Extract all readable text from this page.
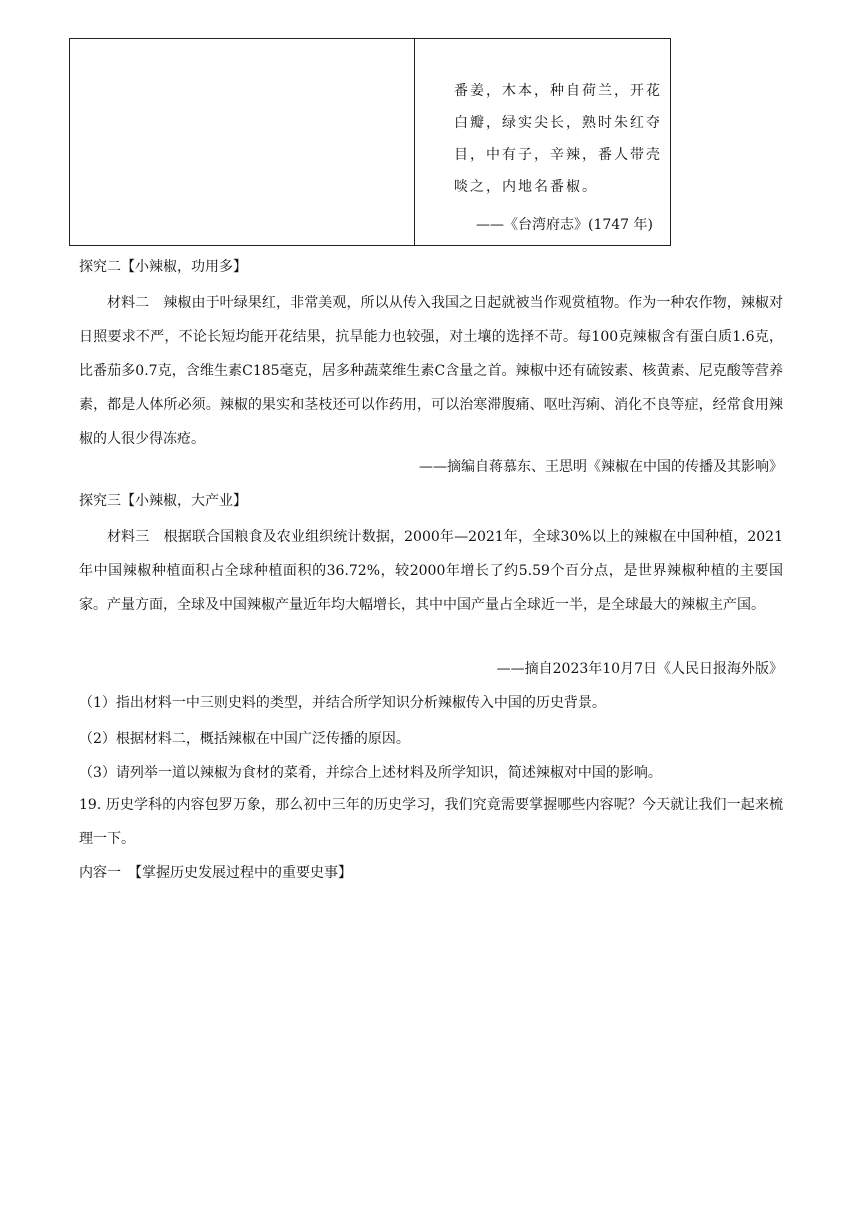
番姜，木本，种自荷兰，开花白瓣，绿实尖长，熟时朱红夺目，中有子，辛辣，番人带壳啖之，内地名番椒。
——《台湾府志》(1747 年)
探究二【小辣椒，功用多】
材料二　辣椒由于叶绿果红，非常美观，所以从传入我国之日起就被当作观赏植物。作为一种农作物，辣椒对日照要求不严，不论长短均能开花结果，抗旱能力也较强，对土壤的选择不苛。每100克辣椒含有蛋白质1.6克，比番茄多0.7克，含维生素C185毫克，居多种蔬菜维生素C含量之首。辣椒中还有硫铵素、核黄素、尼克酸等营养素，都是人体所必须。辣椒的果实和茎枝还可以作药用，可以治寒滞腹痛、呕吐泻痢、消化不良等症，经常食用辣椒的人很少得冻疮。
——摘编自蒋慕东、王思明《辣椒在中国的传播及其影响》
探究三【小辣椒，大产业】
材料三　根据联合国粮食及农业组织统计数据，2000年—2021年，全球30%以上的辣椒在中国种植，2021年中国辣椒种植面积占全球种植面积的36.72%，较2000年增长了约5.59个百分点，是世界辣椒种植的主要国家。产量方面，全球及中国辣椒产量近年均大幅增长，其中中国产量占全球近一半，是全球最大的辣椒主产国。
——摘自2023年10月7日《人民日报海外版》
（1）指出材料一中三则史料的类型，并结合所学知识分析辣椒传入中国的历史背景。
（2）根据材料二，概括辣椒在中国广泛传播的原因。
（3）请列举一道以辣椒为食材的菜肴，并综合上述材料及所学知识，简述辣椒对中国的影响。
19. 历史学科的内容包罗万象，那么初中三年的历史学习，我们究竟需要掌握哪些内容呢？今天就让我们一起来梳理一下。
内容一　【掌握历史发展过程中的重要史事】
